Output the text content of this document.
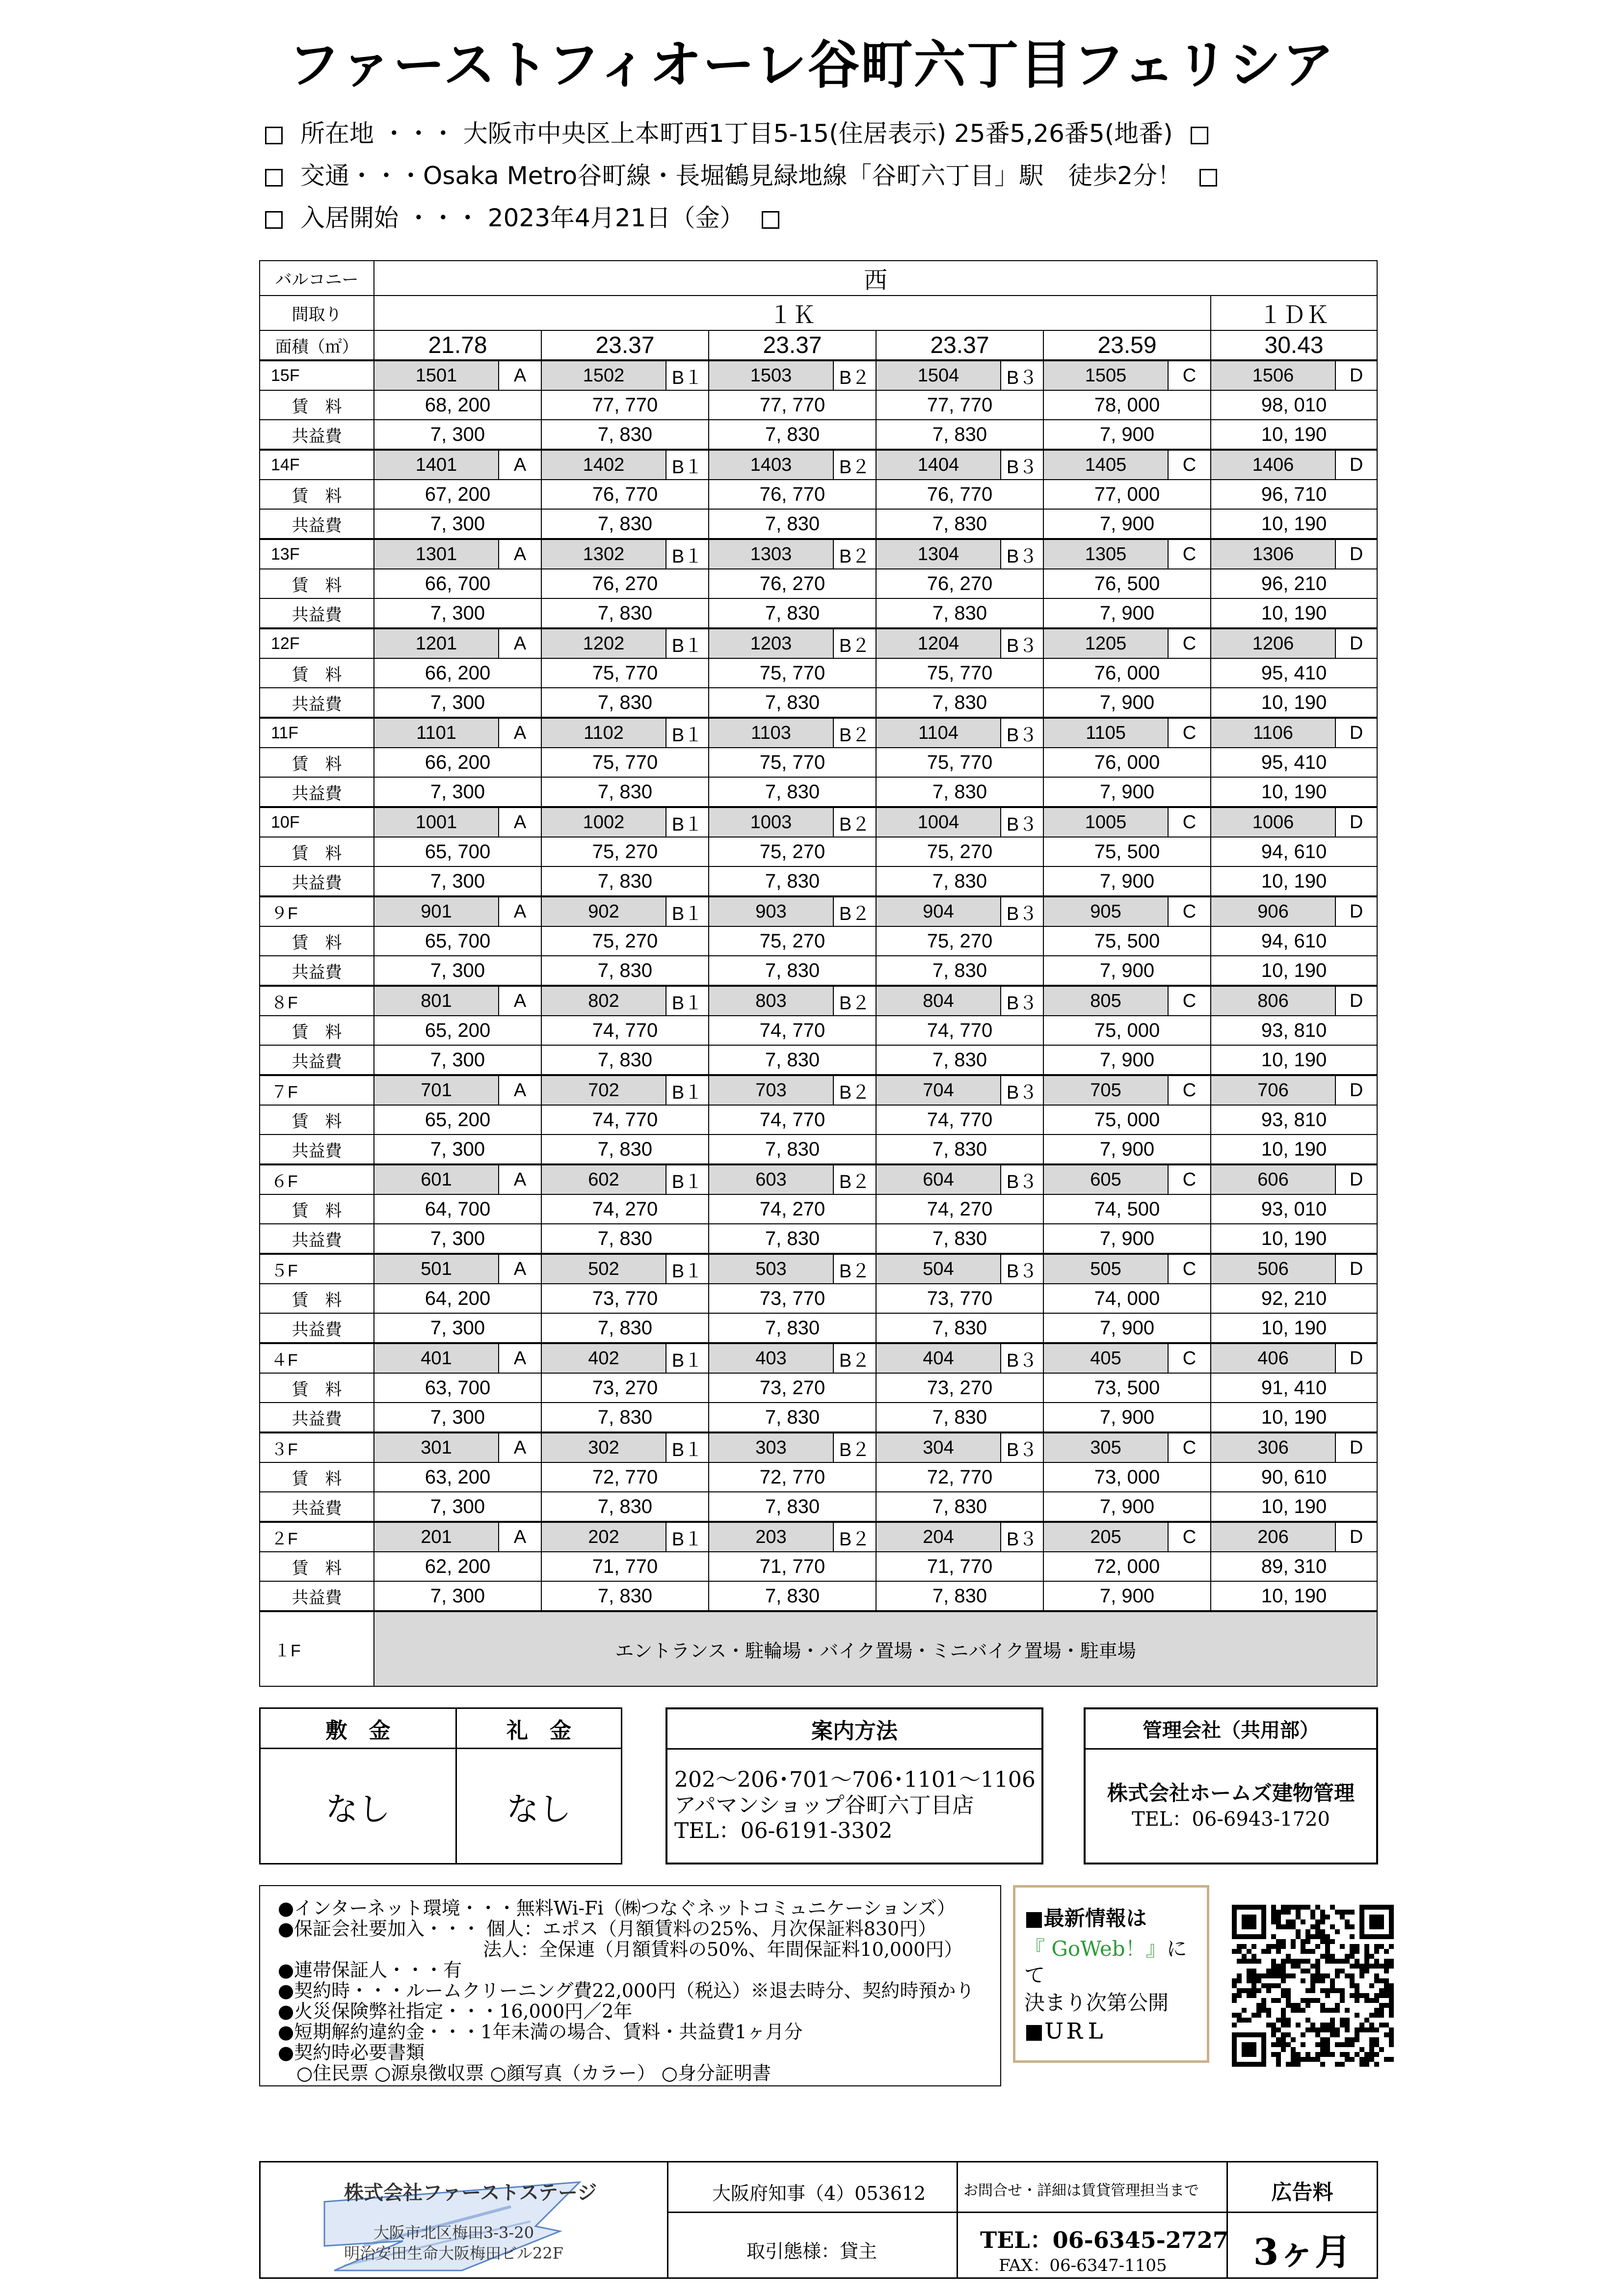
ファーストフィオーレ谷町六丁目フェリシア
所在地 ・・・ 大阪市中央区上本町西1丁目5-15(住居表示) 25番5,26番5(地番)
交通・・・Osaka Metro谷町線・長堀鶴見緑地線「谷町六丁目」駅　徒歩2分！
入居開始 ・・・ 2023年4月21日（金）
バルコニー	西											
間取り	１Ｋ										１ＤＫ	
面積（㎡）	21.78		23.37		23.37		23.37		23.59		30.43	
15F	1501	A	1502	B１	1503	B２	1504	B３	1505	C	1506	D
賃　料	68, 200		77, 770		77, 770		77, 770		78, 000		98, 010	
共益費	7, 300		7, 830		7, 830		7, 830		7, 900		10, 190	
14F	1401	A	1402	B１	1403	B２	1404	B３	1405	C	1406	D
賃　料	67, 200		76, 770		76, 770		76, 770		77, 000		96, 710	
共益費	7, 300		7, 830		7, 830		7, 830		7, 900		10, 190	
13F	1301	A	1302	B１	1303	B２	1304	B３	1305	C	1306	D
賃　料	66, 700		76, 270		76, 270		76, 270		76, 500		96, 210	
共益費	7, 300		7, 830		7, 830		7, 830		7, 900		10, 190	
12F	1201	A	1202	B１	1203	B２	1204	B３	1205	C	1206	D
賃　料	66, 200		75, 770		75, 770		75, 770		76, 000		95, 410	
共益費	7, 300		7, 830		7, 830		7, 830		7, 900		10, 190	
11F	1101	A	1102	B１	1103	B２	1104	B３	1105	C	1106	D
賃　料	66, 200		75, 770		75, 770		75, 770		76, 000		95, 410	
共益費	7, 300		7, 830		7, 830		7, 830		7, 900		10, 190	
10F	1001	A	1002	B１	1003	B２	1004	B３	1005	C	1006	D
賃　料	65, 700		75, 270		75, 270		75, 270		75, 500		94, 610	
共益費	7, 300		7, 830		7, 830		7, 830		7, 900		10, 190	
９F	901	A	902	B１	903	B２	904	B３	905	C	906	D
賃　料	65, 700		75, 270		75, 270		75, 270		75, 500		94, 610	
共益費	7, 300		7, 830		7, 830		7, 830		7, 900		10, 190	
８F	801	A	802	B１	803	B２	804	B３	805	C	806	D
賃　料	65, 200		74, 770		74, 770		74, 770		75, 000		93, 810	
共益費	7, 300		7, 830		7, 830		7, 830		7, 900		10, 190	
７F	701	A	702	B１	703	B２	704	B３	705	C	706	D
賃　料	65, 200		74, 770		74, 770		74, 770		75, 000		93, 810	
共益費	7, 300		7, 830		7, 830		7, 830		7, 900		10, 190	
６F	601	A	602	B１	603	B２	604	B３	605	C	606	D
賃　料	64, 700		74, 270		74, 270		74, 270		74, 500		93, 010	
共益費	7, 300		7, 830		7, 830		7, 830		7, 900		10, 190	
５F	501	A	502	B１	503	B２	504	B３	505	C	506	D
賃　料	64, 200		73, 770		73, 770		73, 770		74, 000		92, 210	
共益費	7, 300		7, 830		7, 830		7, 830		7, 900		10, 190	
４F	401	A	402	B１	403	B２	404	B３	405	C	406	D
賃　料	63, 700		73, 270		73, 270		73, 270		73, 500		91, 410	
共益費	7, 300		7, 830		7, 830		7, 830		7, 900		10, 190	
３F	301	A	302	B１	303	B２	304	B３	305	C	306	D
賃　料	63, 200		72, 770		72, 770		72, 770		73, 000		90, 610	
共益費	7, 300		7, 830		7, 830		7, 830		7, 900		10, 190	
２F	201	A	202	B１	203	B２	204	B３	205	C	206	D
賃　料	62, 200		71, 770		71, 770		71, 770		72, 000		89, 310	
共益費	7, 300		7, 830		7, 830		7, 830		7, 900		10, 190	
１F	エントランス・駐輪場・バイク置場・ミニバイク置場・駐車場											
敷　金	礼　金
なし	なし
案内方法
202～206･701～706･1101～1106
アパマンショップ谷町六丁目店
TEL：06-6191-3302
管理会社（共用部）
株式会社ホームズ建物管理
TEL：06-6943-1720
●インターネット環境・・・無料Wi-Fi（㈱つなぐネットコミュニケーションズ）
●保証会社要加入・・・ 個人：エポス（月額賃料の25%、月次保証料830円）
　　　　　　　　　　　法人：全保連（月額賃料の50%、年間保証料10,000円）
●連帯保証人・・・有
●契約時・・・ルームクリーニング費22,000円（税込）※退去時分、契約時預かり
●火災保険弊社指定・・・16,000円／2年
●短期解約違約金・・・1年未満の場合、賃料・共益費1ヶ月分
●契約時必要書類
　○住民票 ○源泉徴収票 ○顔写真（カラー） ○身分証明書
■最新情報は
『 GoWeb！』に
て
決まり次第公開
■ＵＲＬ
株式会社ファーストステージ
大阪市北区梅田3-3-20
明治安田生命大阪梅田ビル22F
大阪府知事（4）053612
取引態様：貸主
お問合せ・詳細は賃貸管理担当まで
TEL：06-6345-2727
FAX：06-6347-1105
広告料
3ヶ月
